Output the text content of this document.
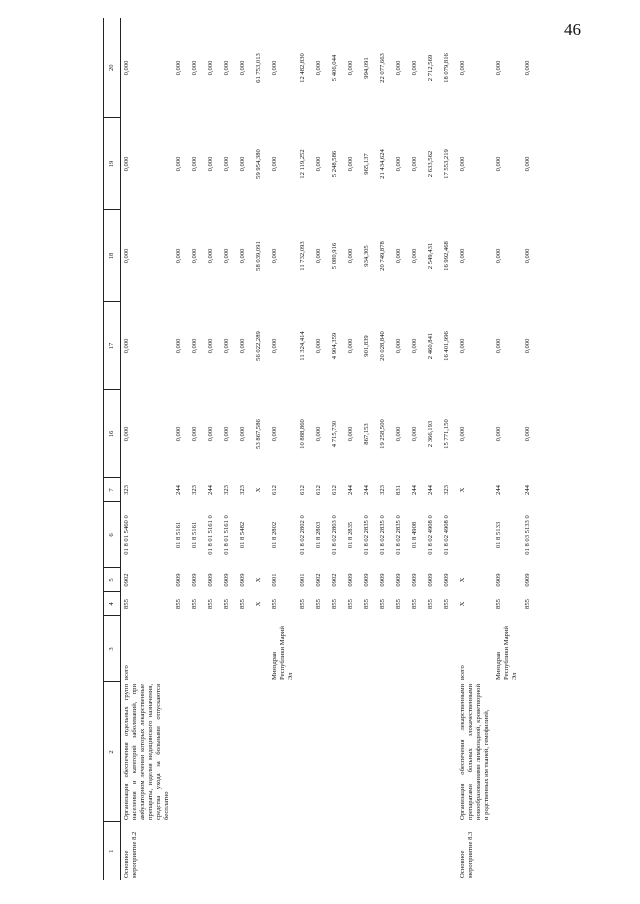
46
1	2	3	4	5	6	7	16	17	18	19	20
Основное мероприятие 8.2	Организация обеспечения отдельных групп населения и категорий заболеваний, при амбулаторном лечении которых лекарственные препараты, изделия медицинского назначения, средства ухода за больными отпускаются бесплатно	всего	855	0902	01 8 01 5460 0	323	0,000	0,000	0,000	0,000	0,000
			855	0909	01 8 5161	244	0,000	0,000	0,000	0,000	0,000
			855	0909	01 8 5161	323	0,000	0,000	0,000	0,000	0,000
			855	0909	01 8 01 5161 0	244	0,000	0,000	0,000	0,000	0,000
			855	0909	01 8 01 5161 0	323	0,000	0,000	0,000	0,000	0,000
			855	0909	01 8 5482	323	0,000	0,000	0,000	0,000	0,000
			X	X		X	53 867,586	56 022,289	58 039,091	59 954,380	61 753,013
		Минздрав Республики Марий Эл	855	0901	01 8 2802	612	0,000	0,000	0,000	0,000	0,000
			855	0901	01 8 02 2802 0	612	10 888,860	11 324,414	11 732,093	12 119,252	12 482,830
			855	0902	01 8 2803	612	0,000	0,000	0,000	0,000	0,000
			855	0902	01 8 02 2803 0	612	4 715,730	4 904,359	5 080,916	5 248,586	5 406,044
			855	0909	01 8 2835	244	0,000	0,000	0,000	0,000	0,000
			855	0909	01 8 02 2835 0	244	867,153	901,839	934,305	965,137	994,091
			855	0909	01 8 02 2835 0	323	19 258,500	20 028,840	20 749,878	21 434,624	22 077,663
			855	0909	01 8 02 2835 0	831	0,000	0,000	0,000	0,000	0,000
			855	0909	01 8 4908	244	0,000	0,000	0,000	0,000	0,000
			855	0909	01 8 02 4908 0	244	2 366,193	2 460,841	2 549,431	2 633,562	2 712,569
			855	0909	01 8 02 4908 0	323	15 771,150	16 401,996	16 992,468	17 553,219	18 079,816
Основное мероприятие 8.3	Организация обеспечения лекарственными препаратами больных злокачественными новообразованиями лимфоидной, кроветворной и родственных им тканей, гемофилией,	всего	X	X		X	0,000	0,000	0,000	0,000	0,000
		Минздрав Республики Марий Эл	855	0909	01 8 5133	244	0,000	0,000	0,000	0,000	0,000
			855	0909	01 8 03 5133 0	244	0,000	0,000	0,000	0,000	0,000
